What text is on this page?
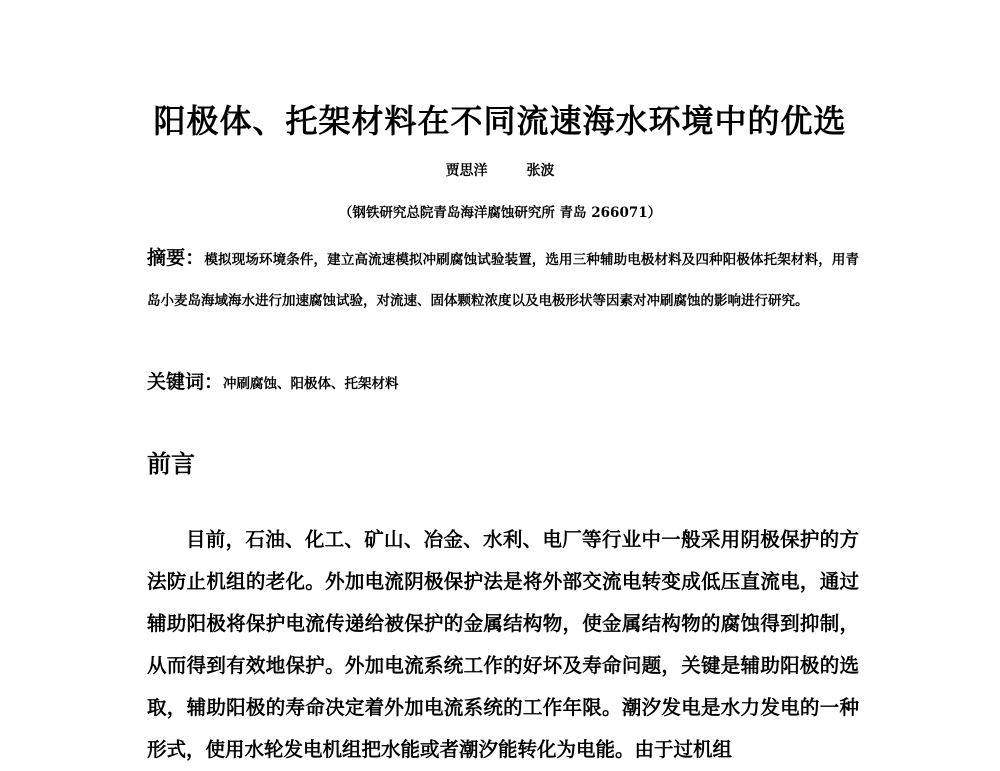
阳极体、托架材料在不同流速海水环境中的优选
贾思洋	张波
（钢铁研究总院青岛海洋腐蚀研究所 青岛 266071）
摘要：模拟现场环境条件，建立高流速模拟冲刷腐蚀试验装置，选用三种辅助电极材料及四种阳极体托架材料，用青岛小麦岛海域海水进行加速腐蚀试验，对流速、固体颗粒浓度以及电极形状等因素对冲刷腐蚀的影响进行研究。
关键词：冲刷腐蚀、阳极体、托架材料
前言
目前，石油、化工、矿山、冶金、水利、电厂等行业中一般采用阴极保护的方法防止机组的老化。外加电流阴极保护法是将外部交流电转变成低压直流电，通过辅助阳极将保护电流传递给被保护的金属结构物，使金属结构物的腐蚀得到抑制，从而得到有效地保护。外加电流系统工作的好坏及寿命问题，关键是辅助阳极的选取，辅助阳极的寿命决定着外加电流系统的工作年限。潮汐发电是水力发电的一种形式，使用水轮发电机组把水能或者潮汐能转化为电能。由于过机组
